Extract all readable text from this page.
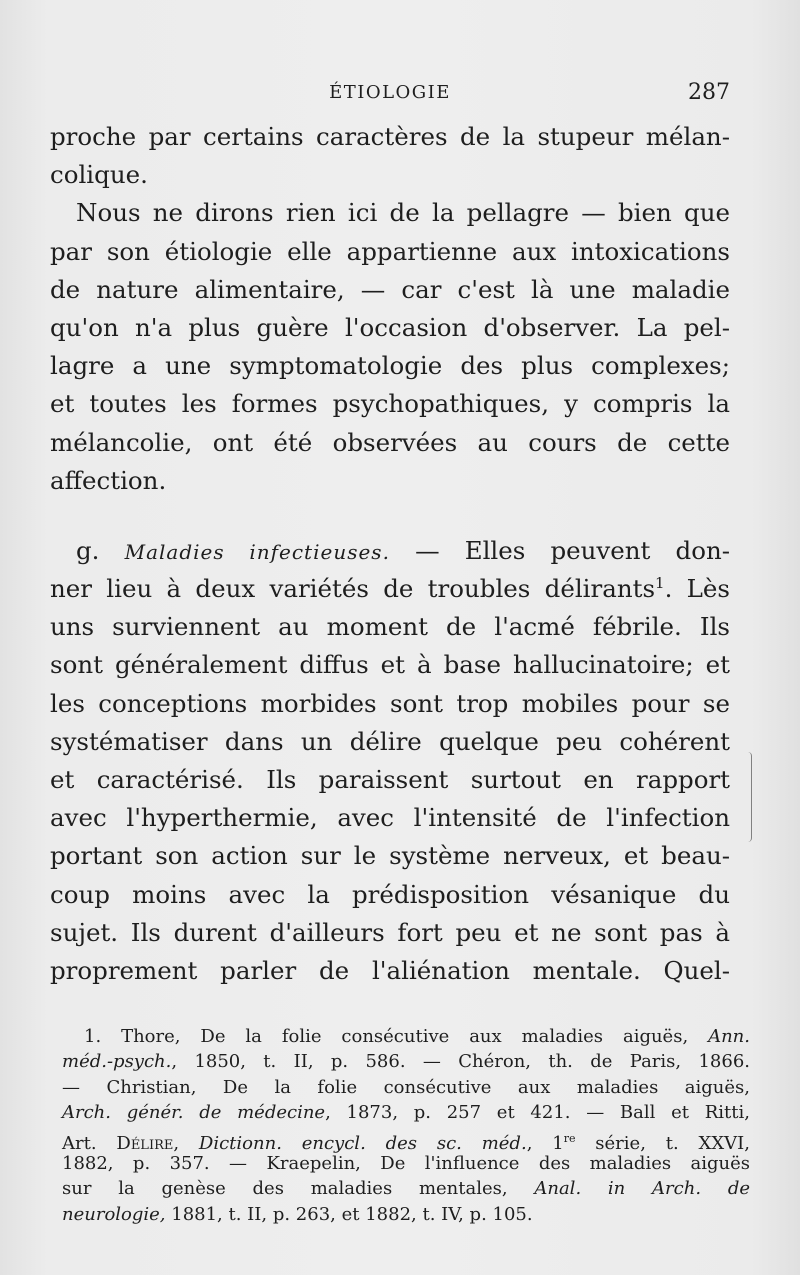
ÉTIOLOGIE	287
proche par certains caractères de la stupeur mélan-
colique.
Nous ne dirons rien ici de la pellagre — bien que
par son étiologie elle appartienne aux intoxications
de nature alimentaire, — car c'est là une maladie
qu'on n'a plus guère l'occasion d'observer. La pel-
lagre a une symptomatologie des plus complexes;
et toutes les formes psychopathiques, y compris la
mélancolie, ont été observées au cours de cette
affection.
g. Maladies infectieuses. — Elles peuvent don-
ner lieu à deux variétés de troubles délirants$^1$. Lès
uns surviennent au moment de l'acmé fébrile. Ils
sont généralement diffus et à base hallucinatoire; et
les conceptions morbides sont trop mobiles pour se
systématiser dans un délire quelque peu cohérent
et caractérisé. Ils paraissent surtout en rapport
avec l'hyperthermie, avec l'intensité de l'infection
portant son action sur le système nerveux, et beau-
coup moins avec la prédisposition vésanique du
sujet. Ils durent d'ailleurs fort peu et ne sont pas à
proprement parler de l'aliénation mentale. Quel-
1. Thore, De la folie consécutive aux maladies aiguës, Ann.
méd.-psych., 1850, t. II, p. 586. — Chéron, th. de Paris, 1866.
— Christian, De la folie consécutive aux maladies aiguës,
Arch. génér. de médecine, 1873, p. 257 et 421. — Ball et Ritti,
Art. Délire, Dictionn. encycl. des sc. méd., 1re série, t. XXVI,
1882, p. 357. — Kraepelin, De l'influence des maladies aiguës
sur la genèse des maladies mentales, Anal. in Arch. de
neurologie, 1881, t. II, p. 263, et 1882, t. IV, p. 105.
